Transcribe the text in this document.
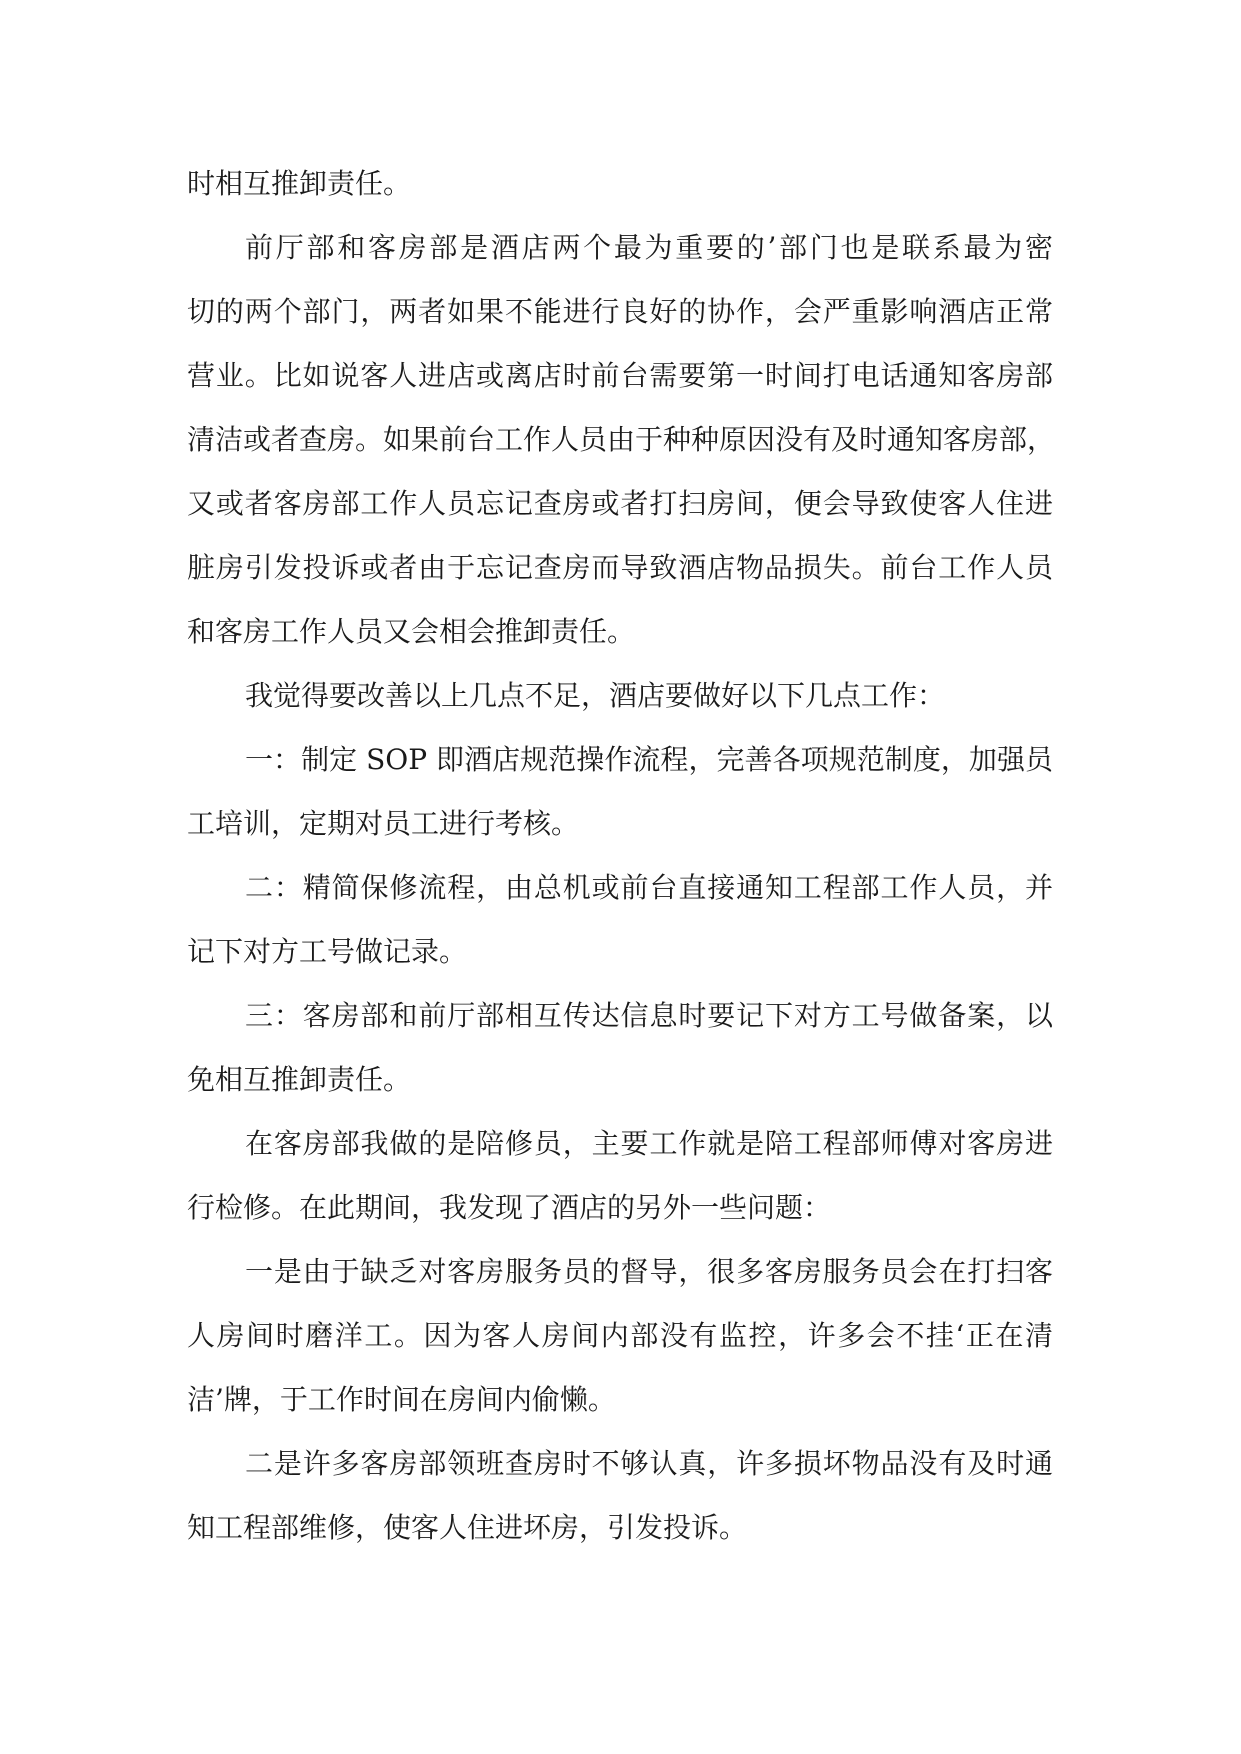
时相互推卸责任。
前厅部和客房部是酒店两个最为重要的’部门也是联系最为密
切的两个部门，两者如果不能进行良好的协作，会严重影响酒店正常
营业。比如说客人进店或离店时前台需要第一时间打电话通知客房部
清洁或者查房。如果前台工作人员由于种种原因没有及时通知客房部，
又或者客房部工作人员忘记查房或者打扫房间，便会导致使客人住进
脏房引发投诉或者由于忘记查房而导致酒店物品损失。前台工作人员
和客房工作人员又会相会推卸责任。
我觉得要改善以上几点不足，酒店要做好以下几点工作：
一：制定 SOP 即酒店规范操作流程，完善各项规范制度，加强员
工培训，定期对员工进行考核。
二：精简保修流程，由总机或前台直接通知工程部工作人员，并
记下对方工号做记录。
三：客房部和前厅部相互传达信息时要记下对方工号做备案，以
免相互推卸责任。
在客房部我做的是陪修员，主要工作就是陪工程部师傅对客房进
行检修。在此期间，我发现了酒店的另外一些问题：
一是由于缺乏对客房服务员的督导，很多客房服务员会在打扫客
人房间时磨洋工。因为客人房间内部没有监控，许多会不挂‘正在清
洁’牌，于工作时间在房间内偷懒。
二是许多客房部领班查房时不够认真，许多损坏物品没有及时通
知工程部维修，使客人住进坏房，引发投诉。
